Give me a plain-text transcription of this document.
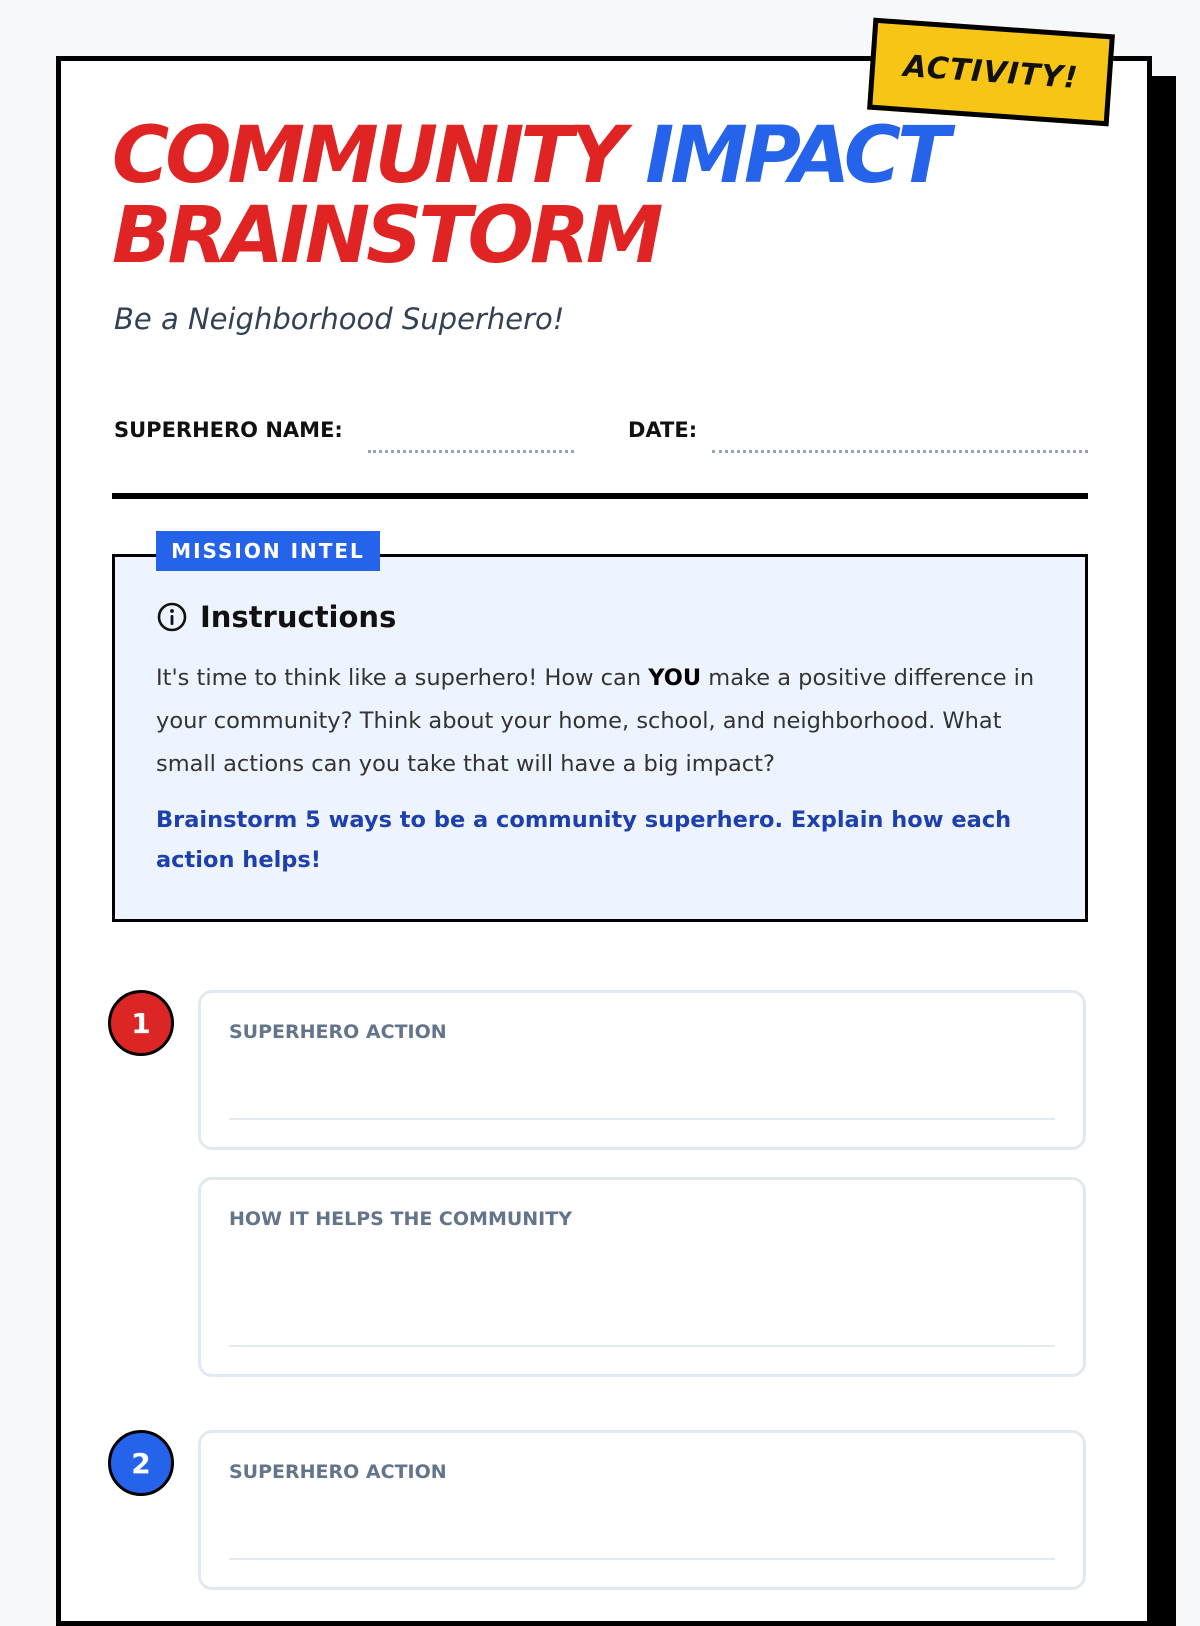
ACTIVITY!
COMMUNITY IMPACT
BRAINSTORM
Be a Neighborhood Superhero!
SUPERHERO NAME:	DATE:
MISSION INTEL
Instructions

It's time to think like a superhero! How can YOU make a positive difference in your community? Think about your home, school, and neighborhood. What small actions can you take that will have a big impact?

Brainstorm 5 ways to be a community superhero. Explain how each action helps!

1	SUPERHERO ACTION
HOW IT HELPS THE COMMUNITY
2	SUPERHERO ACTION
